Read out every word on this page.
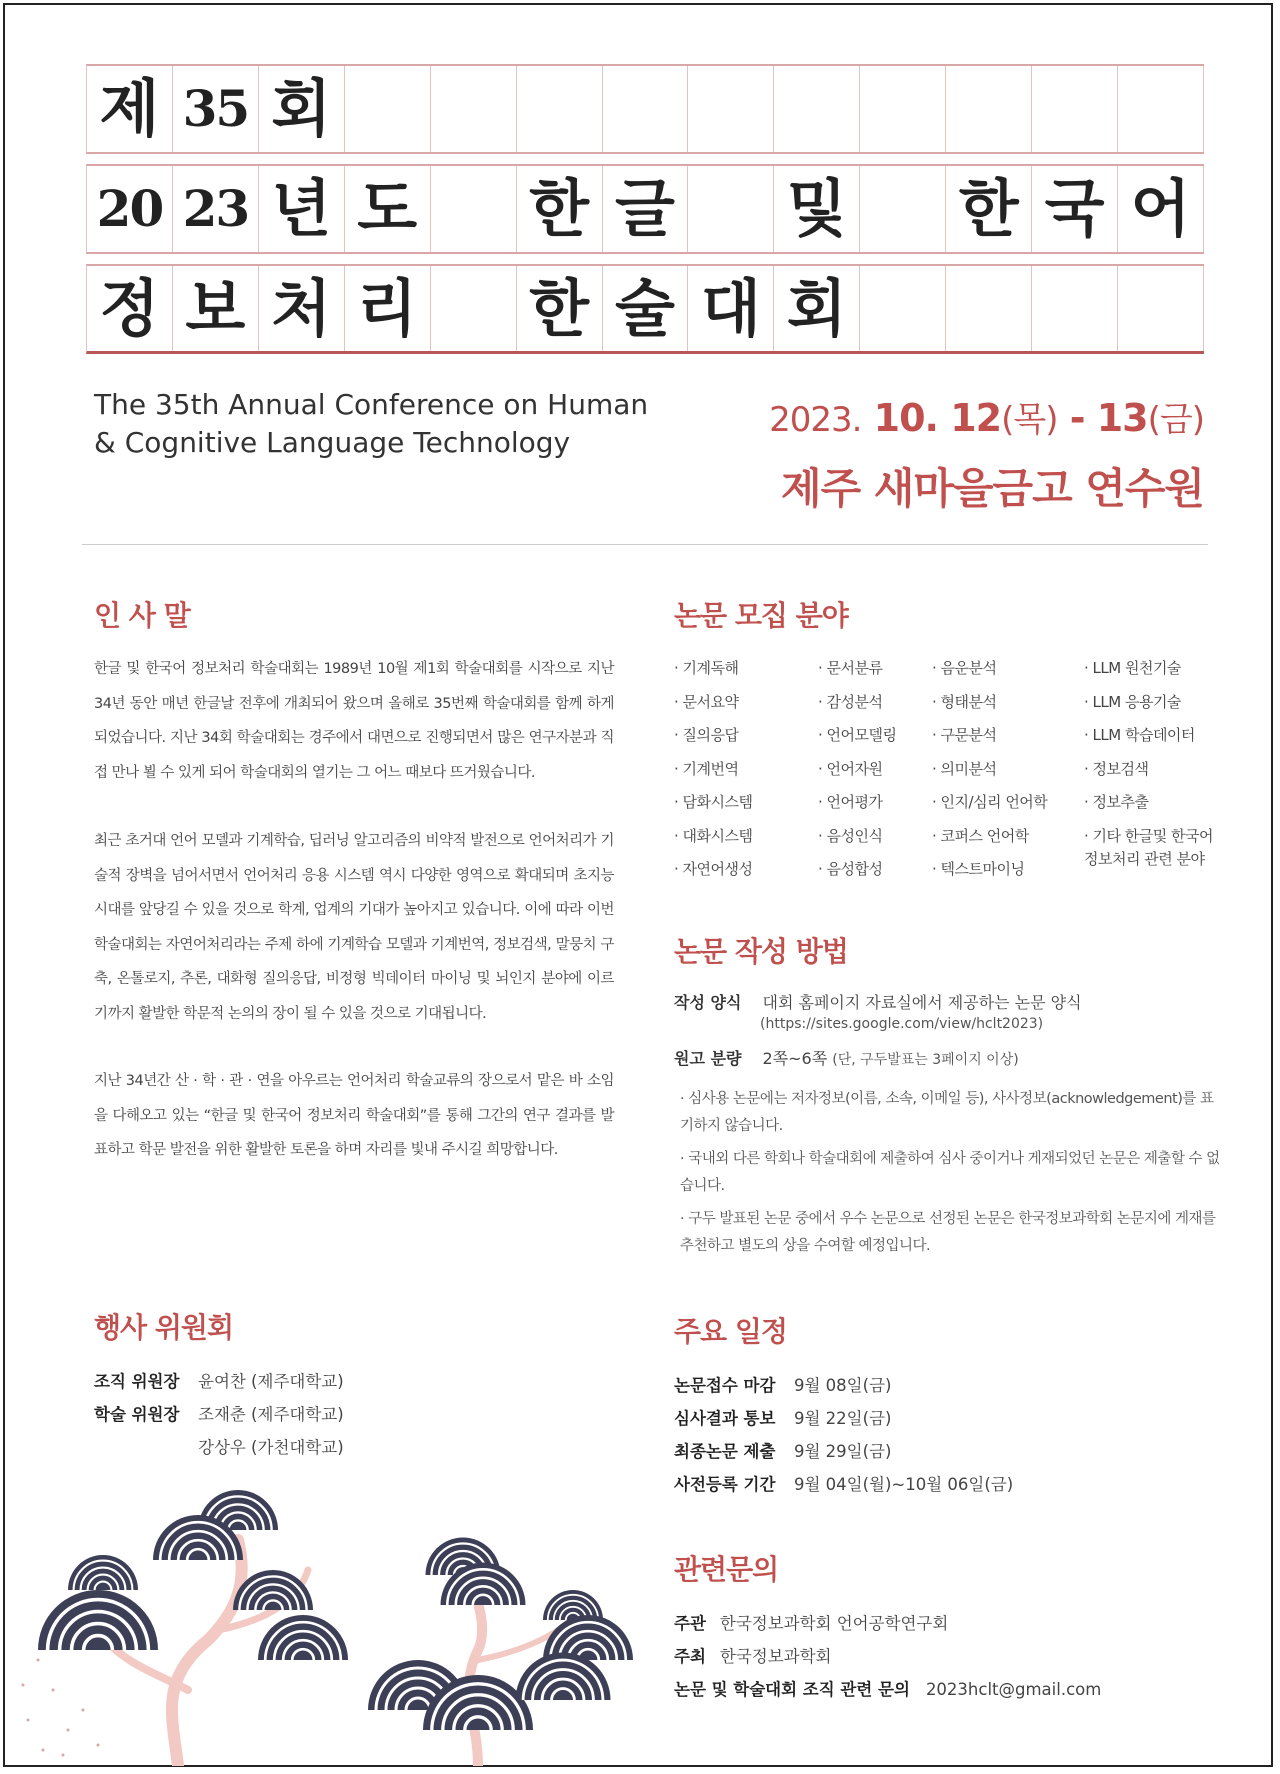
제 35 회
20 23 년 도 한 글 및 한 국 어
정 보 처 리 한 술 대 회
The 35th Annual Conference on Human
& Cognitive Language Technology
2023. 10. 12(목) - 13(금)
제주 새마을금고 연수원
인 사 말
한글 및 한국어 정보처리 학술대회는 1989년 10월 제1회 학술대회를 시작으로 지난 34년 동안 매년 한글날 전후에 개최되어 왔으며 올해로 35번째 학술대회를 함께 하게 되었습니다. 지난 34회 학술대회는 경주에서 대면으로 진행되면서 많은 연구자분과 직접 만나 뵐 수 있게 되어 학술대회의 열기는 그 어느 때보다 뜨거웠습니다.
최근 초거대 언어 모델과 기계학습, 딥러닝 알고리즘의 비약적 발전으로 언어처리가 기술적 장벽을 넘어서면서 언어처리 응용 시스템 역시 다양한 영역으로 확대되며 초지능 시대를 앞당길 수 있을 것으로 학계, 업계의 기대가 높아지고 있습니다. 이에 따라 이번 학술대회는 자연어처리라는 주제 하에 기계학습 모델과 기계번역, 정보검색, 말뭉치 구축, 온톨로지, 추론, 대화형 질의응답, 비정형 빅데이터 마이닝 및 뇌인지 분야에 이르기까지 활발한 학문적 논의의 장이 될 수 있을 것으로 기대됩니다.
지난 34년간 산 · 학 · 관 · 연을 아우르는 언어처리 학술교류의 장으로서 맡은 바 소임을 다해오고 있는 “한글 및 한국어 정보처리 학술대회”를 통해 그간의 연구 결과를 발표하고 학문 발전을 위한 활발한 토론을 하며 자리를 빛내 주시길 희망합니다.
논문 모집 분야
· 기계독해
· 문서요약
· 질의응답
· 기계번역
· 담화시스템
· 대화시스템
· 자연어생성
· 문서분류
· 감성분석
· 언어모델링
· 언어자원
· 언어평가
· 음성인식
· 음성합성
· 음운분석
· 형태분석
· 구문분석
· 의미분석
· 인지/심리 언어학
· 코퍼스 언어학
· 텍스트마이닝
· LLM 원천기술
· LLM 응용기술
· LLM 학습데이터
· 정보검색
· 정보추출
· 기타 한글및 한국어 정보처리 관련 분야
논문 작성 방법
작성 양식 대회 홈페이지 자료실에서 제공하는 논문 양식
(https://sites.google.com/view/hclt2023)
원고 분량 2쪽~6쪽 (단, 구두발표는 3페이지 이상)
· 심사용 논문에는 저자정보(이름, 소속, 이메일 등), 사사정보(acknowledgement)를 표기하지 않습니다.
· 국내외 다른 학회나 학술대회에 제출하여 심사 중이거나 게재되었던 논문은 제출할 수 없습니다.
· 구두 발표된 논문 중에서 우수 논문으로 선정된 논문은 한국정보과학회 논문지에 게재를 추천하고 별도의 상을 수여할 예정입니다.
행사 위원회
조직 위원장 윤여찬 (제주대학교)
학술 위원장 조재춘 (제주대학교)
강상우 (가천대학교)
주요 일정
논문접수 마감 9월 08일(금)
심사결과 통보 9월 22일(금)
최종논문 제출 9월 29일(금)
사전등록 기간 9월 04일(월)~10월 06일(금)
관련문의
주관 한국정보과학회 언어공학연구회
주최 한국정보과학회
논문 및 학술대회 조직 관련 문의 2023hclt@gmail.com
